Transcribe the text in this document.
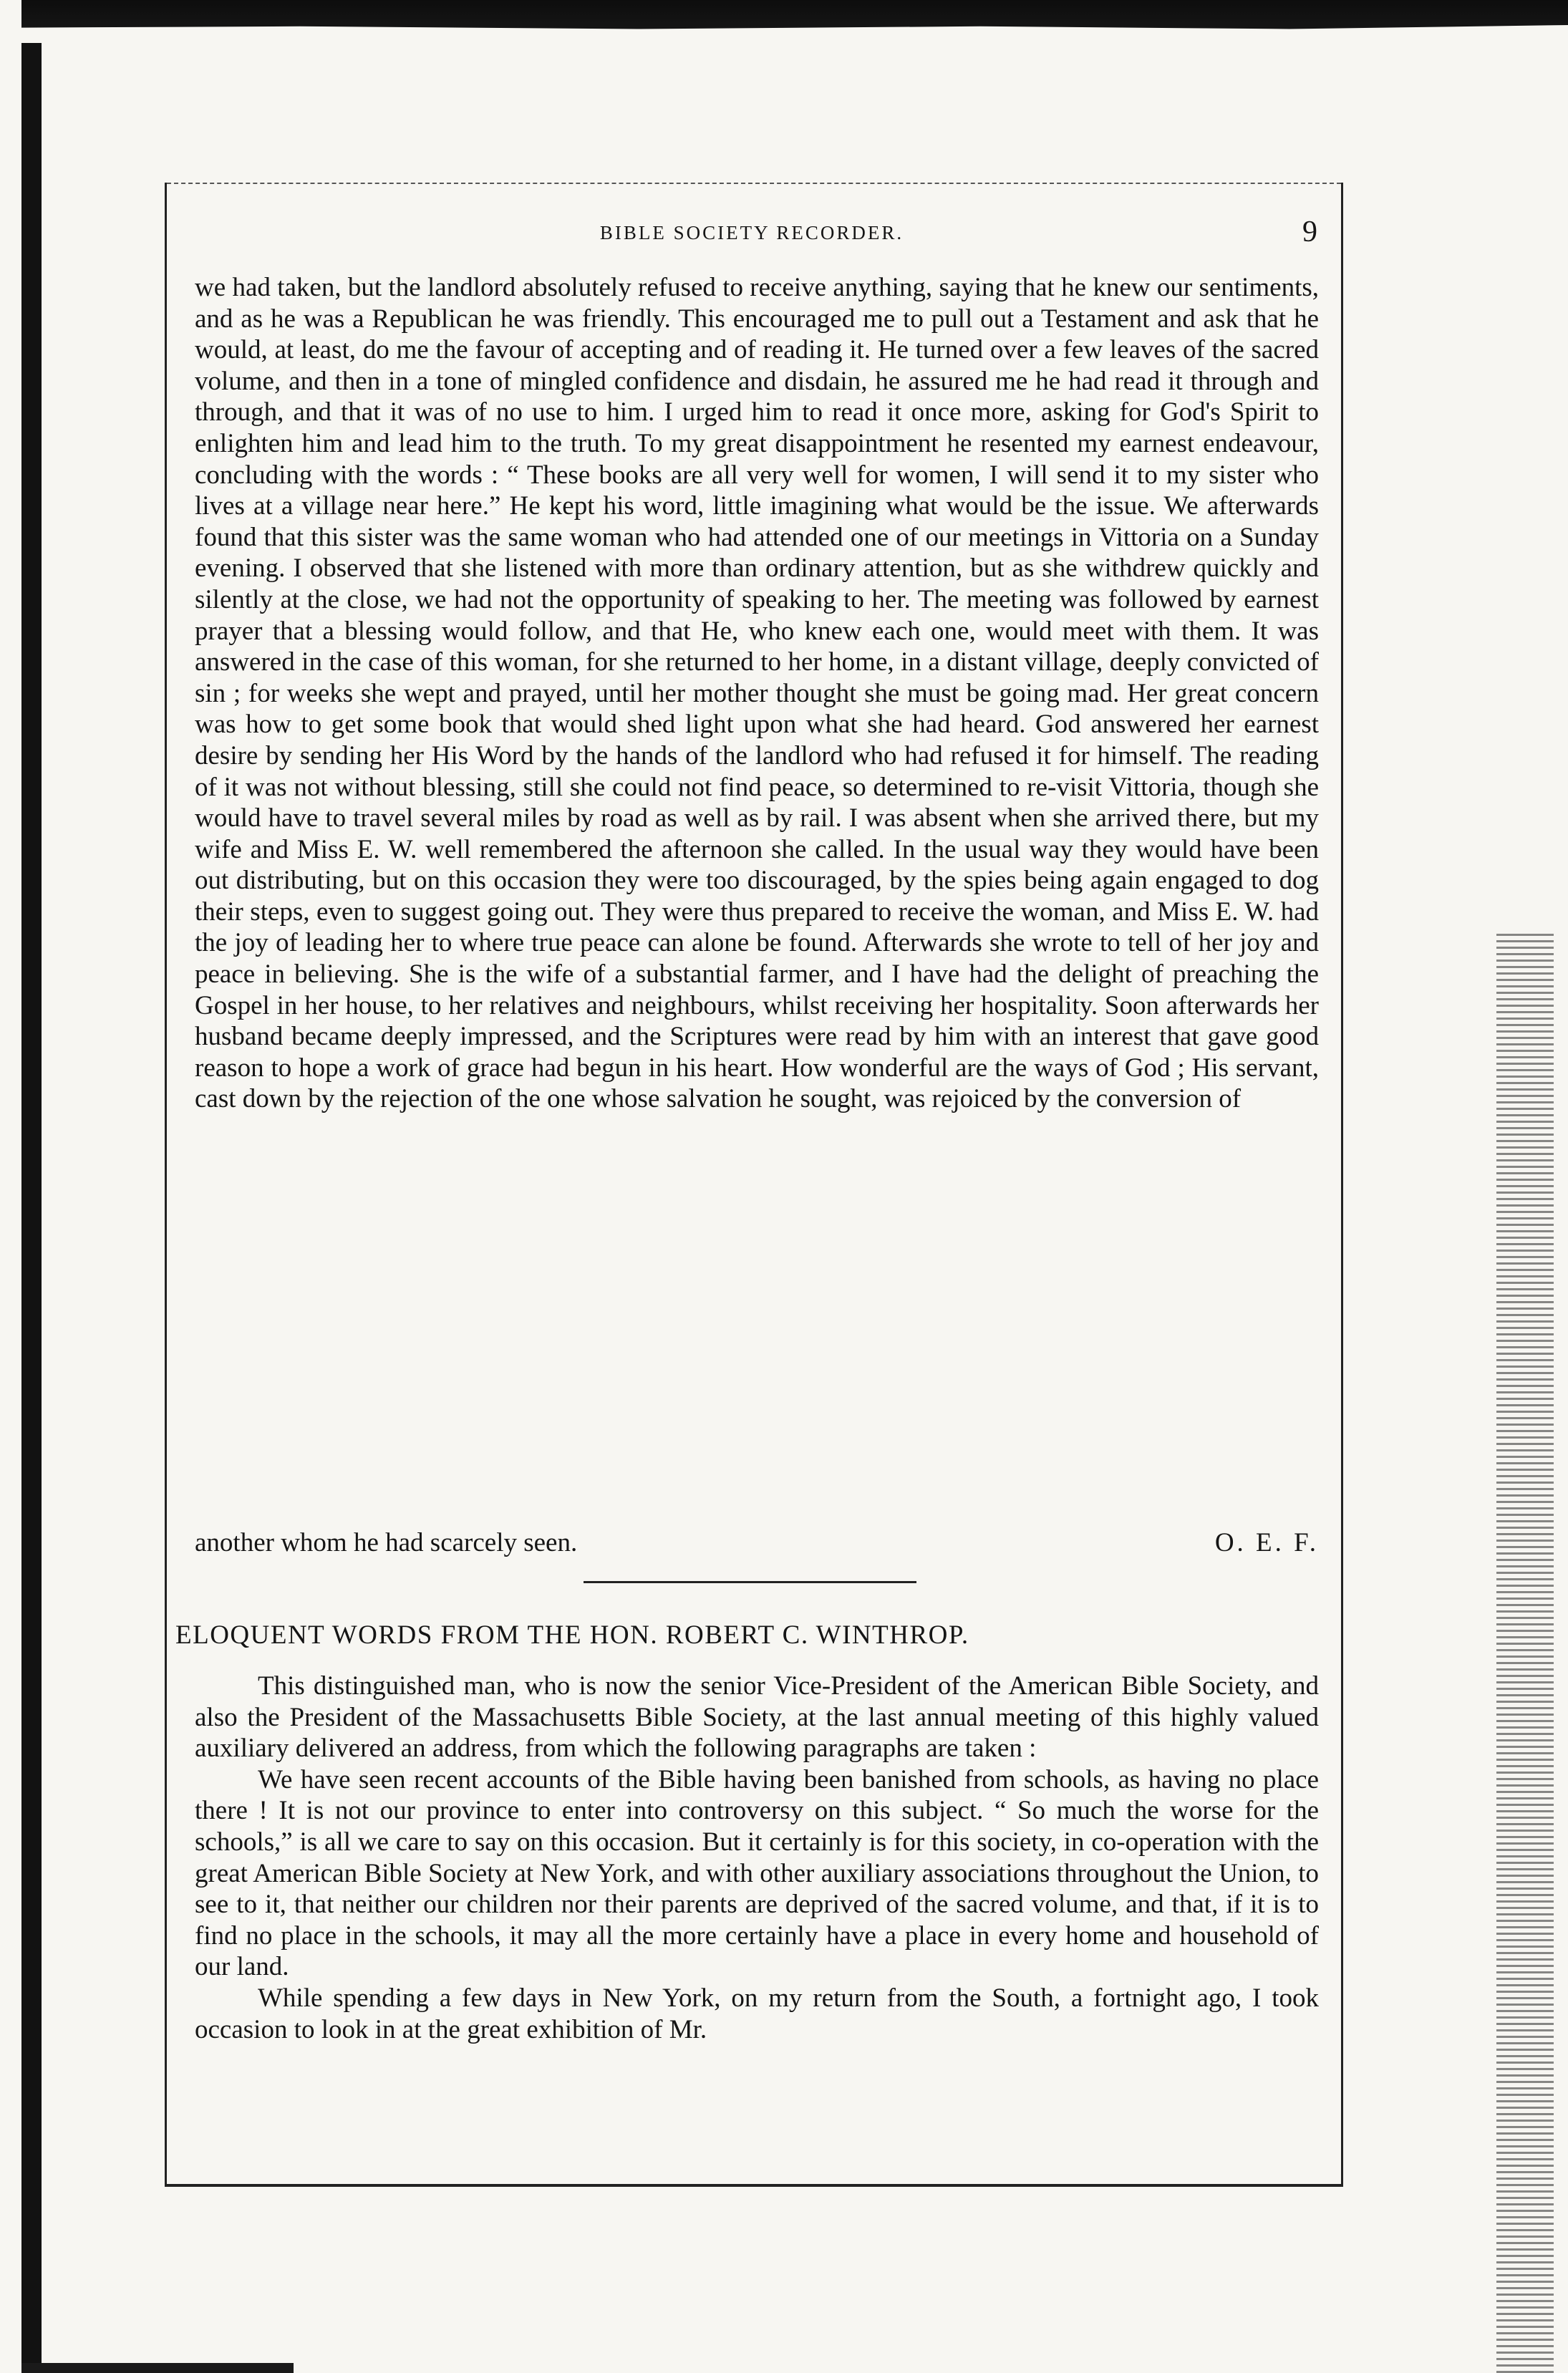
BIBLE SOCIETY RECORDER.	9

we had taken, but the landlord absolutely refused to receive anything, saying that he knew our sentiments, and as he was a Republican he was friendly. This encouraged me to pull out a Testament and ask that he would, at least, do me the favour of accepting and of reading it. He turned over a few leaves of the sacred volume, and then in a tone of mingled confidence and disdain, he assured me he had read it through and through, and that it was of no use to him. I urged him to read it once more, asking for God's Spirit to enlighten him and lead him to the truth. To my great disappointment he resented my earnest endeavour, concluding with the words : “ These books are all very well for women, I will send it to my sister who lives at a village near here.” He kept his word, little imagining what would be the issue. We afterwards found that this sister was the same woman who had attended one of our meetings in Vittoria on a Sunday evening. I observed that she listened with more than ordinary attention, but as she withdrew quickly and silently at the close, we had not the opportunity of speaking to her. The meeting was followed by earnest prayer that a blessing would follow, and that He, who knew each one, would meet with them. It was answered in the case of this woman, for she returned to her home, in a distant village, deeply convicted of sin ; for weeks she wept and prayed, until her mother thought she must be going mad. Her great concern was how to get some book that would shed light upon what she had heard. God answered her earnest desire by sending her His Word by the hands of the landlord who had refused it for himself. The reading of it was not without blessing, still she could not find peace, so determined to re-visit Vittoria, though she would have to travel several miles by road as well as by rail. I was absent when she arrived there, but my wife and Miss E. W. well remembered the afternoon she called. In the usual way they would have been out distributing, but on this occasion they were too discouraged, by the spies being again engaged to dog their steps, even to suggest going out. They were thus prepared to receive the woman, and Miss E. W. had the joy of leading her to where true peace can alone be found. Afterwards she wrote to tell of her joy and peace in believing. She is the wife of a substantial farmer, and I have had the delight of preaching the Gospel in her house, to her relatives and neighbours, whilst receiving her hospitality. Soon afterwards her husband became deeply impressed, and the Scriptures were read by him with an interest that gave good reason to hope a work of grace had begun in his heart. How wonderful are the ways of God ; His servant, cast down by the rejection of the one whose salvation he sought, was rejoiced by the conversion of

another whom he had scarcely seen.	O. E. F.
ELOQUENT WORDS FROM THE HON. ROBERT C. WINTHROP.

This distinguished man, who is now the senior Vice-President of the American Bible Society, and also the President of the Massachusetts Bible Society, at the last annual meeting of this highly valued auxiliary delivered an address, from which the following paragraphs are taken :

We have seen recent accounts of the Bible having been banished from schools, as having no place there ! It is not our province to enter into controversy on this subject. “ So much the worse for the schools,” is all we care to say on this occasion. But it certainly is for this society, in co-operation with the great American Bible Society at New York, and with other auxiliary associations throughout the Union, to see to it, that neither our children nor their parents are deprived of the sacred volume, and that, if it is to find no place in the schools, it may all the more certainly have a place in every home and household of our land.

While spending a few days in New York, on my return from the South, a fortnight ago, I took occasion to look in at the great exhibition of Mr.
